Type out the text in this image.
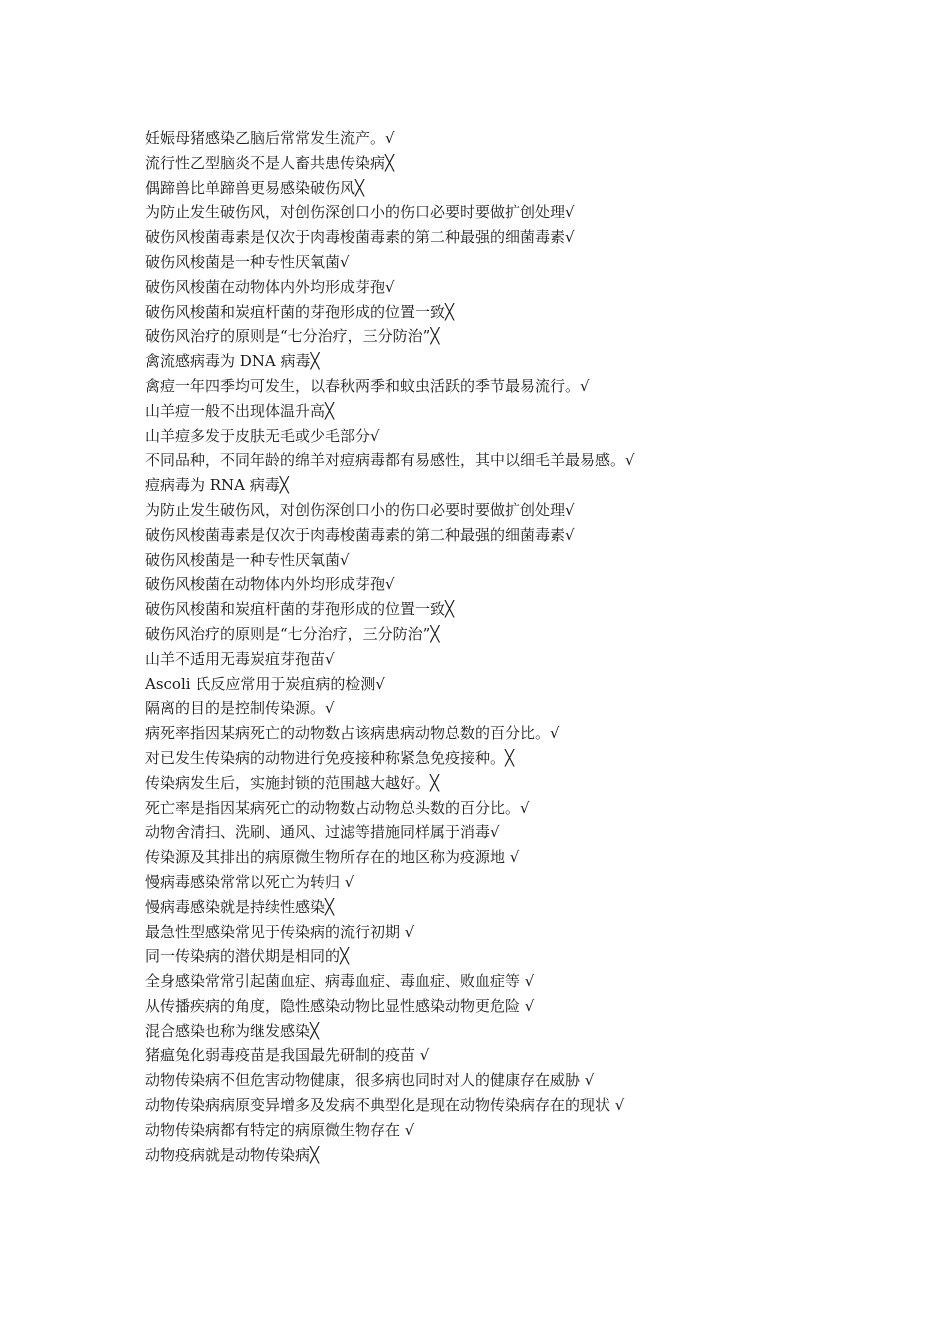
妊娠母猪感染乙脑后常常发生流产。√
流行性乙型脑炎不是人畜共患传染病╳
偶蹄兽比单蹄兽更易感染破伤风╳
为防止发生破伤风，对创伤深创口小的伤口必要时要做扩创处理√
破伤风梭菌毒素是仅次于肉毒梭菌毒素的第二种最强的细菌毒素√
破伤风梭菌是一种专性厌氧菌√
破伤风梭菌在动物体内外均形成芽孢√
破伤风梭菌和炭疽杆菌的芽孢形成的位置一致╳
破伤风治疗的原则是“七分治疗，三分防治”╳
禽流感病毒为 DNA 病毒╳
禽痘一年四季均可发生，以春秋两季和蚊虫活跃的季节最易流行。√
山羊痘一般不出现体温升高╳
山羊痘多发于皮肤无毛或少毛部分√
不同品种，不同年龄的绵羊对痘病毒都有易感性，其中以细毛羊最易感。√
痘病毒为 RNA 病毒╳
为防止发生破伤风，对创伤深创口小的伤口必要时要做扩创处理√
破伤风梭菌毒素是仅次于肉毒梭菌毒素的第二种最强的细菌毒素√
破伤风梭菌是一种专性厌氧菌√
破伤风梭菌在动物体内外均形成芽孢√
破伤风梭菌和炭疽杆菌的芽孢形成的位置一致╳
破伤风治疗的原则是“七分治疗，三分防治”╳
山羊不适用无毒炭疽芽孢苗√
Ascoli 氏反应常用于炭疽病的检测√
隔离的目的是控制传染源。√
病死率指因某病死亡的动物数占该病患病动物总数的百分比。√
对已发生传染病的动物进行免疫接种称紧急免疫接种。╳
传染病发生后，实施封锁的范围越大越好。╳
死亡率是指因某病死亡的动物数占动物总头数的百分比。√
动物舍清扫、洗刷、通风、过滤等措施同样属于消毒√
传染源及其排出的病原微生物所存在的地区称为疫源地 √
慢病毒感染常常以死亡为转归 √
慢病毒感染就是持续性感染╳
最急性型感染常见于传染病的流行初期 √
同一传染病的潜伏期是相同的╳
全身感染常常引起菌血症、病毒血症、毒血症、败血症等 √
从传播疾病的角度，隐性感染动物比显性感染动物更危险 √
混合感染也称为继发感染╳
猪瘟兔化弱毒疫苗是我国最先研制的疫苗 √
动物传染病不但危害动物健康，很多病也同时对人的健康存在威胁 √
动物传染病病原变异增多及发病不典型化是现在动物传染病存在的现状 √
动物传染病都有特定的病原微生物存在 √
动物疫病就是动物传染病╳
